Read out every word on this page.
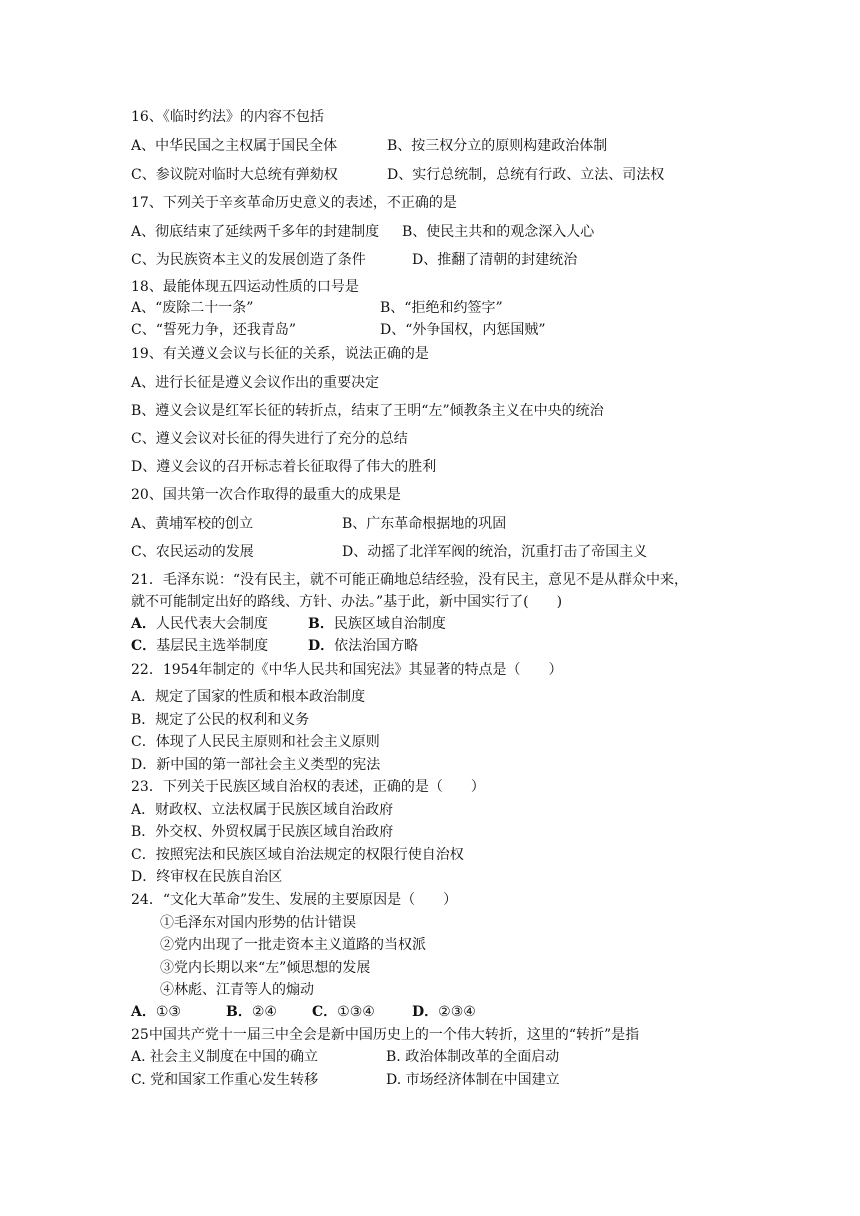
16、《临时约法》的内容不包括
A、中华民国之主权属于国民全体	B、按三权分立的原则构建政治体制
C、参议院对临时大总统有弹劾权	D、实行总统制，总统有行政、立法、司法权
17、下列关于辛亥革命历史意义的表述，不正确的是
A、彻底结束了延续两千多年的封建制度 B、使民主共和的观念深入人心
C、为民族资本主义的发展创造了条件	D、推翻了清朝的封建统治
18、最能体现五四运动性质的口号是
A、“废除二十一条”	B、“拒绝和约签字”
C、“誓死力争，还我青岛”	D、“外争国权，内惩国贼”
19、有关遵义会议与长征的关系，说法正确的是
A、进行长征是遵义会议作出的重要决定
B、遵义会议是红军长征的转折点，结束了王明“左”倾教条主义在中央的统治
C、遵义会议对长征的得失进行了充分的总结
D、遵义会议的召开标志着长征取得了伟大的胜利
20、国共第一次合作取得的最重大的成果是
A、黄埔军校的创立	B、广东革命根据地的巩固
C、农民运动的发展	D、动摇了北洋军阀的统治，沉重打击了帝国主义
21．毛泽东说：“没有民主，就不可能正确地总结经验，没有民主，意见不是从群众中来，
就不可能制定出好的路线、方针、办法。”基于此，新中国实行了(　　)
A．人民代表大会制度	B．民族区域自治制度
C．基层民主选举制度	D．依法治国方略
22．1954年制定的《中华人民共和国宪法》其显著的特点是（　　）
A．规定了国家的性质和根本政治制度
B．规定了公民的权利和义务
C．体现了人民民主原则和社会主义原则
D．新中国的第一部社会主义类型的宪法
23．下列关于民族区域自治权的表述，正确的是（　　）
A．财政权、立法权属于民族区域自治政府
B．外交权、外贸权属于民族区域自治政府
C．按照宪法和民族区域自治法规定的权限行使自治权
D．终审权在民族自治区
24．“文化大革命”发生、发展的主要原因是（　　）
①毛泽东对国内形势的估计错误
②党内出现了一批走资本主义道路的当权派
③党内长期以来“左”倾思想的发展
④林彪、江青等人的煽动
A．①③	B．②④	C．①③④	D．②③④
25中国共产党十一届三中全会是新中国历史上的一个伟大转折，这里的“转折”是指
A. 社会主义制度在中国的确立	B. 政治体制改革的全面启动
C. 党和国家工作重心发生转移	D. 市场经济体制在中国建立
